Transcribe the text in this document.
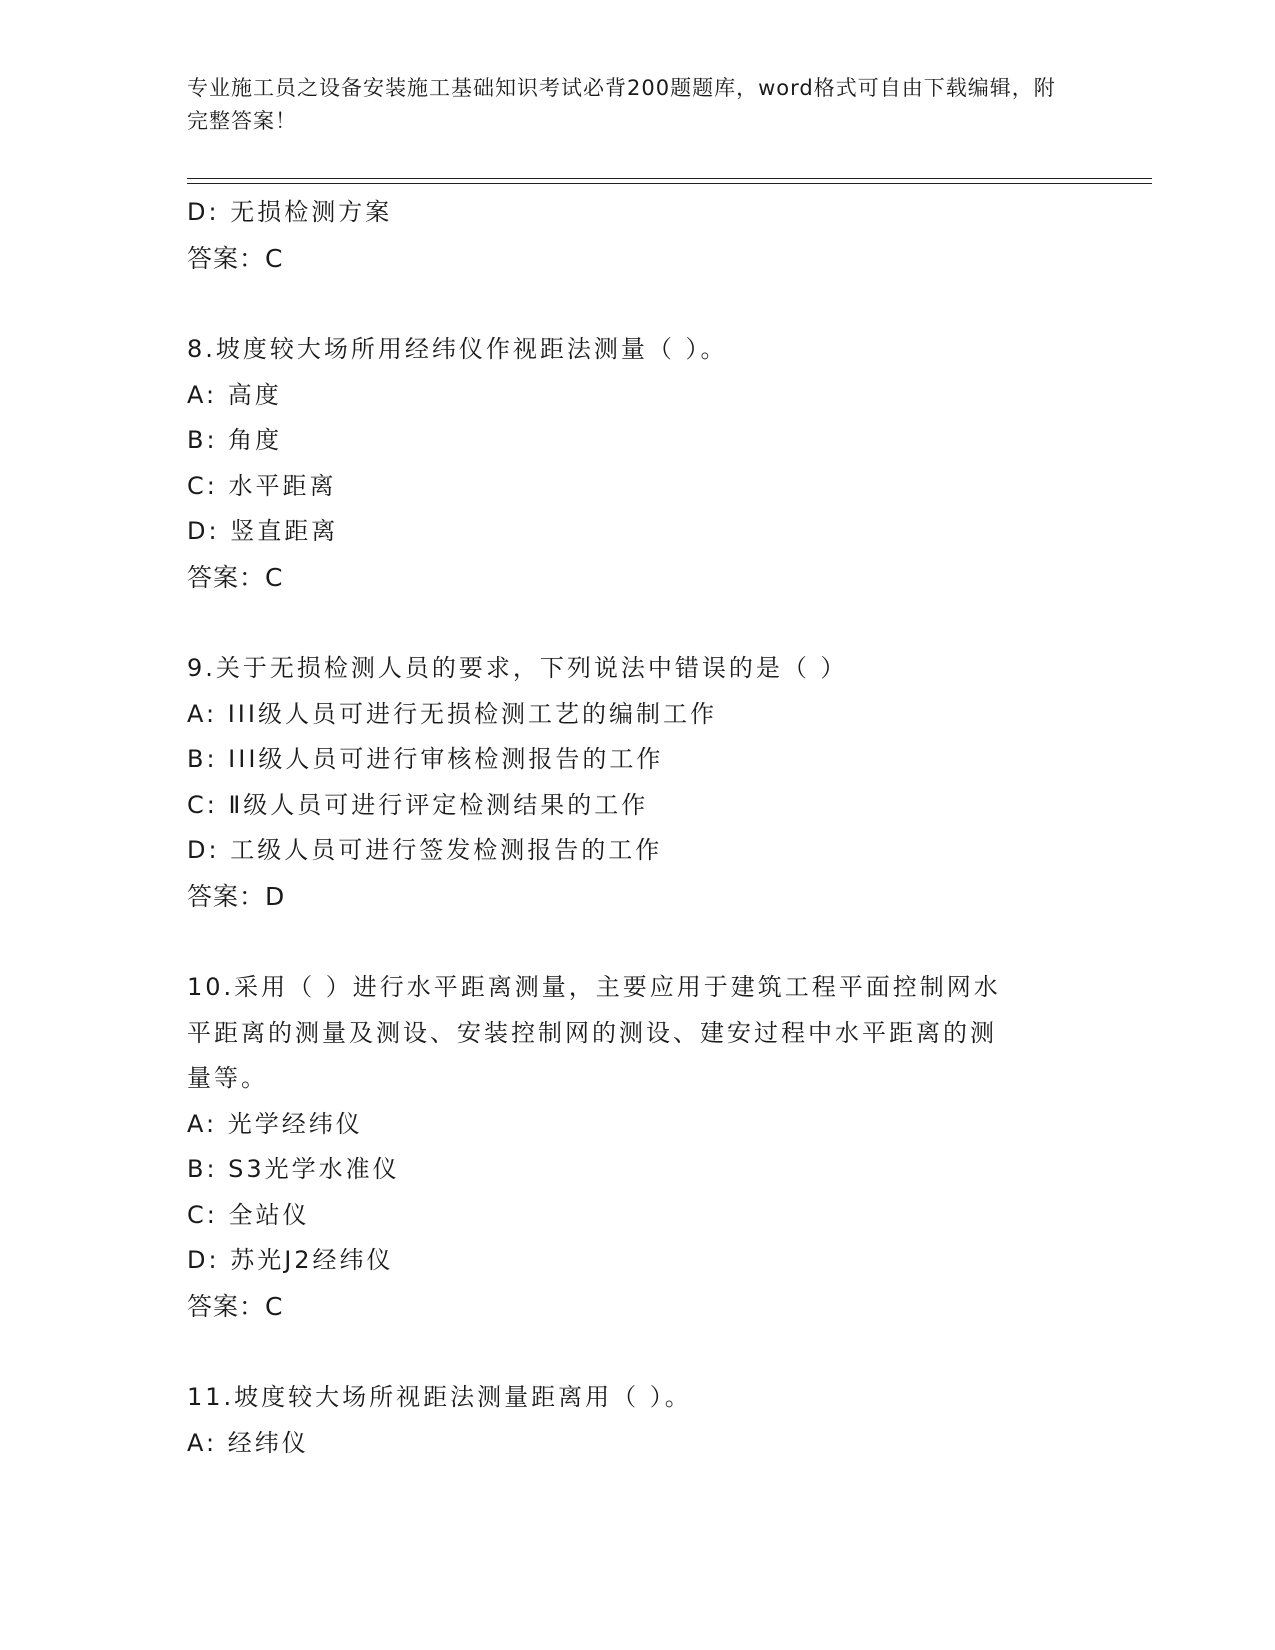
专业施工员之设备安装施工基础知识考试必背200题题库，word格式可自由下载编辑，附完整答案！
D: 无损检测方案
答案：C
8.坡度较大场所用经纬仪作视距法测量（ ）。
A: 高度
B: 角度
C: 水平距离
D: 竖直距离
答案：C
9.关于无损检测人员的要求，下列说法中错误的是（ ）
A: III级人员可进行无损检测工艺的编制工作
B: III级人员可进行审核检测报告的工作
C: Ⅱ级人员可进行评定检测结果的工作
D: 工级人员可进行签发检测报告的工作
答案：D
10.采用（ ）进行水平距离测量，主要应用于建筑工程平面控制网水
平距离的测量及测设、安装控制网的测设、建安过程中水平距离的测
量等。
A: 光学经纬仪
B: S3光学水准仪
C: 全站仪
D: 苏光J2经纬仪
答案：C
11.坡度较大场所视距法测量距离用（ ）。
A: 经纬仪
